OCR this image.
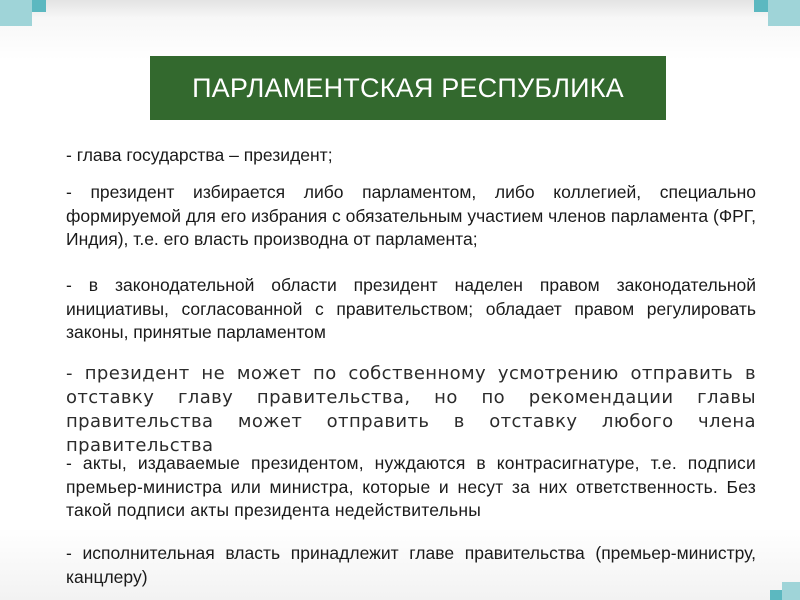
ПАРЛАМЕНТСКАЯ РЕСПУБЛИКА

- глава государства – президент;

- президент избирается либо парламентом, либо коллегией, специально формируемой для его избрания с обязательным участием членов парламента (ФРГ, Индия), т.е. его власть производна от парламента;

- в законодательной области президент наделен правом законодательной инициативы, согласованной с правительством; обладает правом регулировать законы, принятые парламентом

- президент не может по собственному усмотрению отправить в отставку главу правительства, но по рекомендации главы правительства может отправить в отставку любого члена правительства

- акты, издаваемые президентом, нуждаются в контрасигнатуре, т.е. подписи премьер-министра или министра, которые и несут за них ответственность. Без такой подписи акты президента недействительны

- исполнительная власть принадлежит главе правительства (премьер-министру, канцлеру)
